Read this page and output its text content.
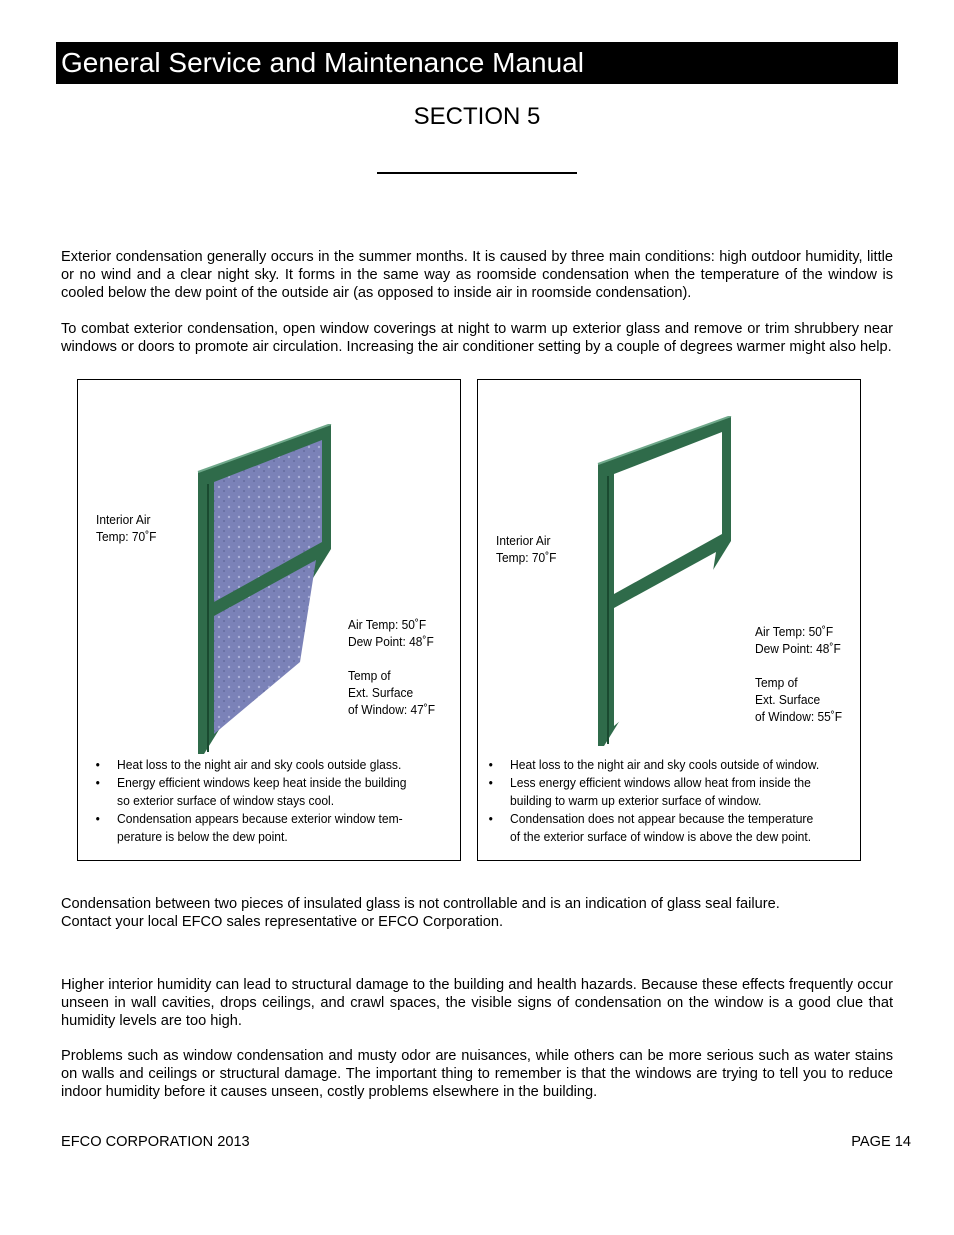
General Service and Maintenance Manual
SECTION 5
Exterior condensation generally occurs in the summer months. It is caused by three main conditions: high outdoor humidity, little or no wind and a clear night sky. It forms in the same way as roomside condensation when the temperature of the window is cooled below the dew point of the outside air (as opposed to inside air in roomside condensation).
To combat exterior condensation, open window coverings at night to warm up exterior glass and remove or trim shrubbery near windows or doors to promote air circulation. Increasing the air conditioner setting by a couple of degrees warmer might also help.
Interior Air
Temp: 70˚F
Air Temp: 50˚F
Dew Point: 48˚F
Temp of
Ext. Surface
of Window: 47˚F
• Heat loss to the night air and sky cools outside glass.
• Energy efficient windows keep heat inside the building
so exterior surface of window stays cool.
• Condensation appears because exterior window tem-
perature is below the dew point.
Interior Air
Temp: 70˚F
Air Temp: 50˚F
Dew Point: 48˚F
Temp of
Ext. Surface
of Window: 55˚F
• Heat loss to the night air and sky cools outside of window.
• Less energy efficient windows allow heat from inside the
building to warm up exterior surface of window.
• Condensation does not appear because the temperature
of the exterior surface of window is above the dew point.
Condensation between two pieces of insulated glass is not controllable and is an indication of glass seal failure.
Contact your local EFCO sales representative or EFCO Corporation.
Higher interior humidity can lead to structural damage to the building and health hazards. Because these effects frequently occur unseen in wall cavities, drops ceilings, and crawl spaces, the visible signs of condensation on the window is a good clue that humidity levels are too high.
Problems such as window condensation and musty odor are nuisances, while others can be more serious such as water stains on walls and ceilings or structural damage. The important thing to remember is that the windows are trying to tell you to reduce indoor humidity before it causes unseen, costly problems elsewhere in the building.
EFCO CORPORATION 2013	PAGE 14
